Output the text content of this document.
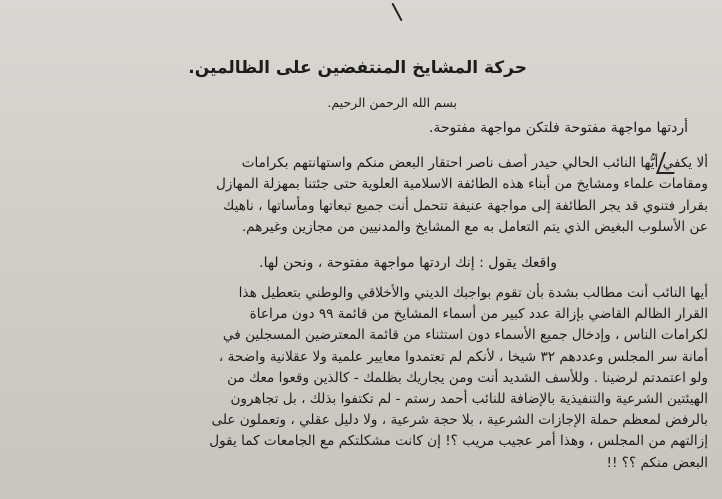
حركة المشايخ المنتفضين على الظالمين.
بسم الله الرحمن الرحيم.
أردتها مواجهة مفتوحة فلتكن مواجهة مفتوحة.
ألا يكفي أيُّها النائب الحالي حيدر أصف ناصر احتقار البعض منكم واستهانتهم بكرامات
ومقامات علماء ومشايخ من أبناء هذه الطائفة الاسلامية العلوية حتى جئتنا بمهزلة المهازل
بقرار فتنوي قد يجر الطائفة إلى مواجهة عنيفة تتحمل أنت جميع تبعاتها ومأساتها ، ناهيك
عن الأسلوب البغيض الذي يتم التعامل به مع المشايخ والمدنيين من مجازين وغيرهم.
واقعك يقول : إنك اردتها مواجهة مفتوحة ، ونحن لها.
أيها النائب أنت مطالب بشدة بأن تقوم بواجبك الديني والأخلاقي والوطني بتعطيل هذا
القرار الظالم القاضي بإزالة عدد كبير من أسماء المشايخ من قائمة ٩٩ دون مراعاة
لكرامات الناس ، وإدخال جميع الأسماء دون استثناء من قائمة المعترضين المسجلين في
أمانة سر المجلس وعددهم ٣٢ شيخا ، لأنكم لم تعتمدوا معايير علمية ولا عقلانية واضحة ،
ولو اعتمدتم لرضينا . وللأسف الشديد أنت ومن يجاريك بظلمك - كالذين وقعوا معك من
الهيئتين الشرعية والتنفيذية بالإضافة للنائب أحمد رستم - لم تكتفوا بذلك ، بل تجاهرون
بالرفض لمعظم حملة الإجازات الشرعية ، بلا حجة شرعية ، ولا دليل عقلي ، وتعملون على
إزالتهم من المجلس ، وهذا أمر عجيب مريب ؟! إن كانت مشكلتكم مع الجامعات كما يقول
البعض منكم ؟؟ !!
